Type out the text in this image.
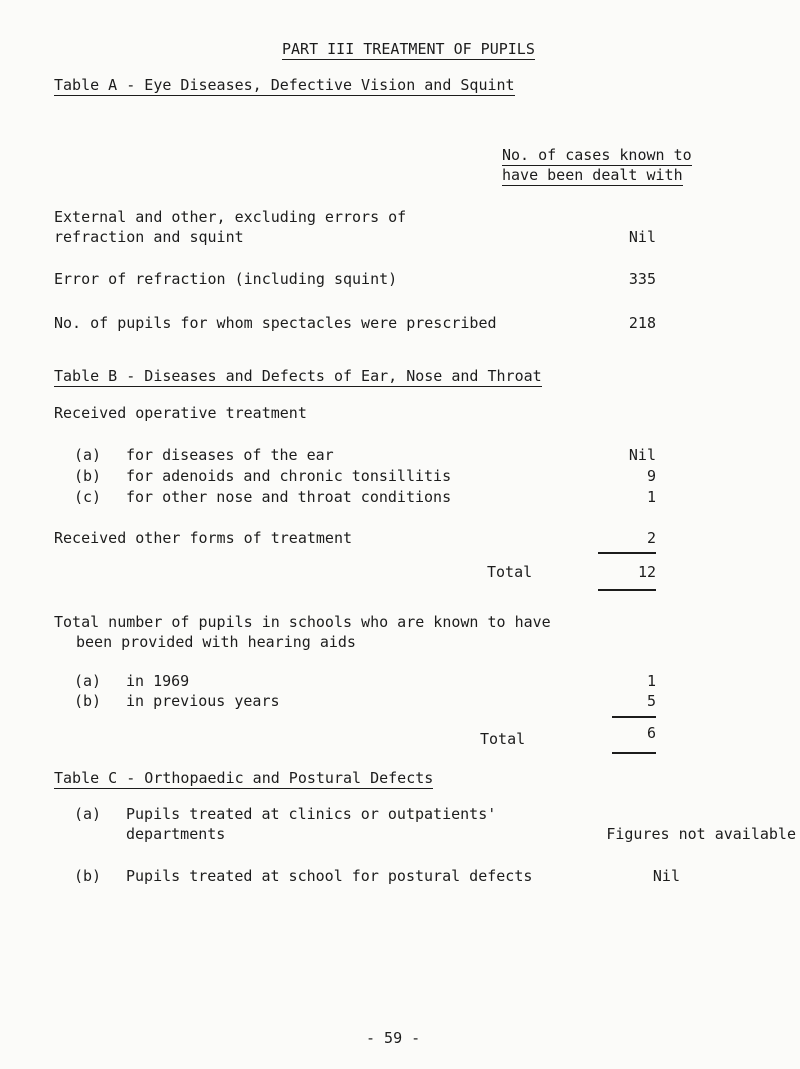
PART III TREATMENT OF PUPILS
Table A - Eye Diseases, Defective Vision and Squint
No. of cases known to
have been dealt with
External and other, excluding errors of
refraction and squint	Nil
Error of refraction (including squint)	335
No. of pupils for whom spectacles were prescribed	218
Table B - Diseases and Defects of Ear, Nose and Throat
Received operative treatment
(a) for diseases of the ear	Nil
(b) for adenoids and chronic tonsillitis	9
(c) for other nose and throat conditions	1
Received other forms of treatment	2
Total	12
Total number of pupils in schools who are known to have
been provided with hearing aids
(a) in 1969	1
(b) in previous years	5
Total	6
Table C - Orthopaedic and Postural Defects
(a) Pupils treated at clinics or outpatients'
departments	Figures not available
(b) Pupils treated at school for postural defects	Nil
- 59 -
